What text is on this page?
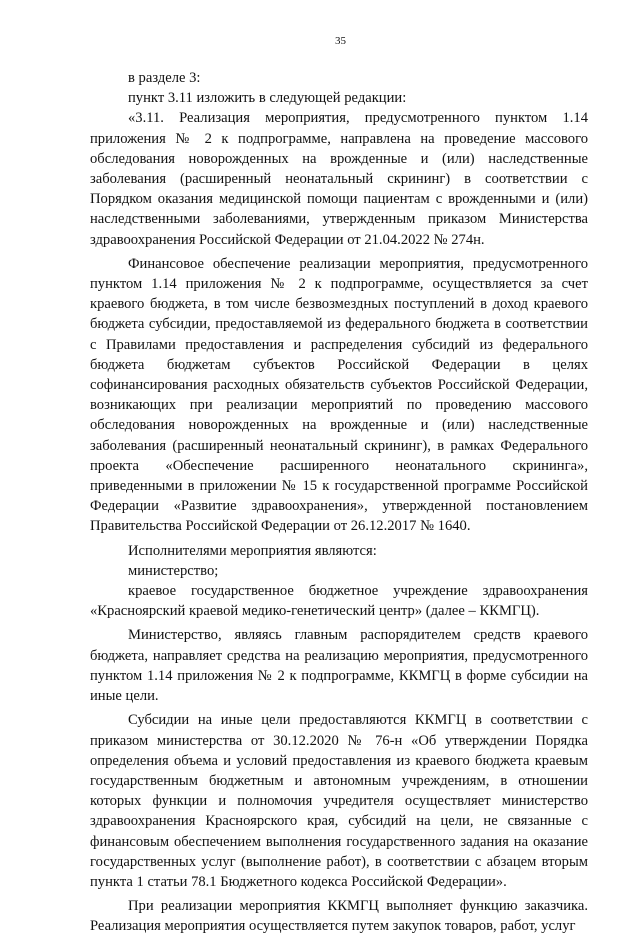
35

в разделе 3:

пункт 3.11 изложить в следующей редакции:

«3.11. Реализация мероприятия, предусмотренного пунктом 1.14 приложения № 2 к подпрограмме, направлена на проведение массового обследования новорожденных на врожденные и (или) наследственные заболевания (расширенный неонатальный скрининг) в соответствии с Порядком оказания медицинской помощи пациентам с врожденными и (или) наследственными заболеваниями, утвержденным приказом Министерства здравоохранения Российской Федерации от 21.04.2022 № 274н.

Финансовое обеспечение реализации мероприятия, предусмотренного пунктом 1.14 приложения № 2 к подпрограмме, осуществляется за счет краевого бюджета, в том числе безвозмездных поступлений в доход краевого бюджета субсидии, предоставляемой из федерального бюджета в соответствии с Правилами предоставления и распределения субсидий из федерального бюджета бюджетам субъектов Российской Федерации в целях софинансирования расходных обязательств субъектов Российской Федерации, возникающих при реализации мероприятий по проведению массового обследования новорожденных на врожденные и (или) наследственные заболевания (расширенный неонатальный скрининг), в рамках Федерального проекта «Обеспечение расширенного неонатального скрининга», приведенными в приложении № 15 к государственной программе Российской Федерации «Развитие здравоохранения», утвержденной постановлением Правительства Российской Федерации от 26.12.2017 № 1640.

Исполнителями мероприятия являются:

министерство;

краевое государственное бюджетное учреждение здравоохранения «Красноярский краевой медико-генетический центр» (далее – ККМГЦ).

Министерство, являясь главным распорядителем средств краевого бюджета, направляет средства на реализацию мероприятия, предусмотренного пунктом 1.14 приложения № 2 к подпрограмме, ККМГЦ в форме субсидии на иные цели.

Субсидии на иные цели предоставляются ККМГЦ в соответствии с приказом министерства от 30.12.2020 № 76-н «Об утверждении Порядка определения объема и условий предоставления из краевого бюджета краевым государственным бюджетным и автономным учреждениям, в отношении которых функции и полномочия учредителя осуществляет министерство здравоохранения Красноярского края, субсидий на цели, не связанные с финансовым обеспечением выполнения государственного задания на оказание государственных услуг (выполнение работ), в соответствии с абзацем вторым пункта 1 статьи 78.1 Бюджетного кодекса Российской Федерации».

При реализации мероприятия ККМГЦ выполняет функцию заказчика. Реализация мероприятия осуществляется путем закупок товаров, работ, услуг
